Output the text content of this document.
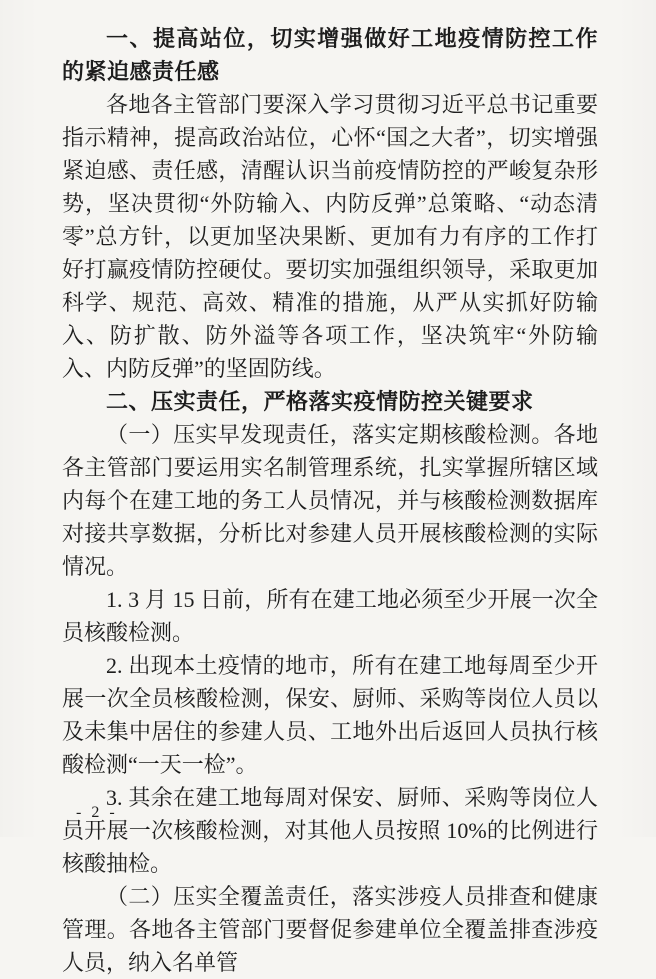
一、提高站位，切实增强做好工地疫情防控工作的紧迫感责任感

各地各主管部门要深入学习贯彻习近平总书记重要指示精神，提高政治站位，心怀“国之大者”，切实增强紧迫感、责任感，清醒认识当前疫情防控的严峻复杂形势，坚决贯彻“外防输入、内防反弹”总策略、“动态清零”总方针，以更加坚决果断、更加有力有序的工作打好打赢疫情防控硬仗。要切实加强组织领导，采取更加科学、规范、高效、精准的措施，从严从实抓好防输入、防扩散、防外溢等各项工作，坚决筑牢“外防输入、内防反弹”的坚固防线。

二、压实责任，严格落实疫情防控关键要求

（一）压实早发现责任，落实定期核酸检测。各地各主管部门要运用实名制管理系统，扎实掌握所辖区域内每个在建工地的务工人员情况，并与核酸检测数据库对接共享数据，分析比对参建人员开展核酸检测的实际情况。

1. 3 月 15 日前，所有在建工地必须至少开展一次全员核酸检测。

2. 出现本土疫情的地市，所有在建工地每周至少开展一次全员核酸检测，保安、厨师、采购等岗位人员以及未集中居住的参建人员、工地外出后返回人员执行核酸检测“一天一检”。

3. 其余在建工地每周对保安、厨师、采购等岗位人员开展一次核酸检测，对其他人员按照 10%的比例进行核酸抽检。

（二）压实全覆盖责任，落实涉疫人员排查和健康管理。各地各主管部门要督促参建单位全覆盖排查涉疫人员，纳入名单管

- 2 -
